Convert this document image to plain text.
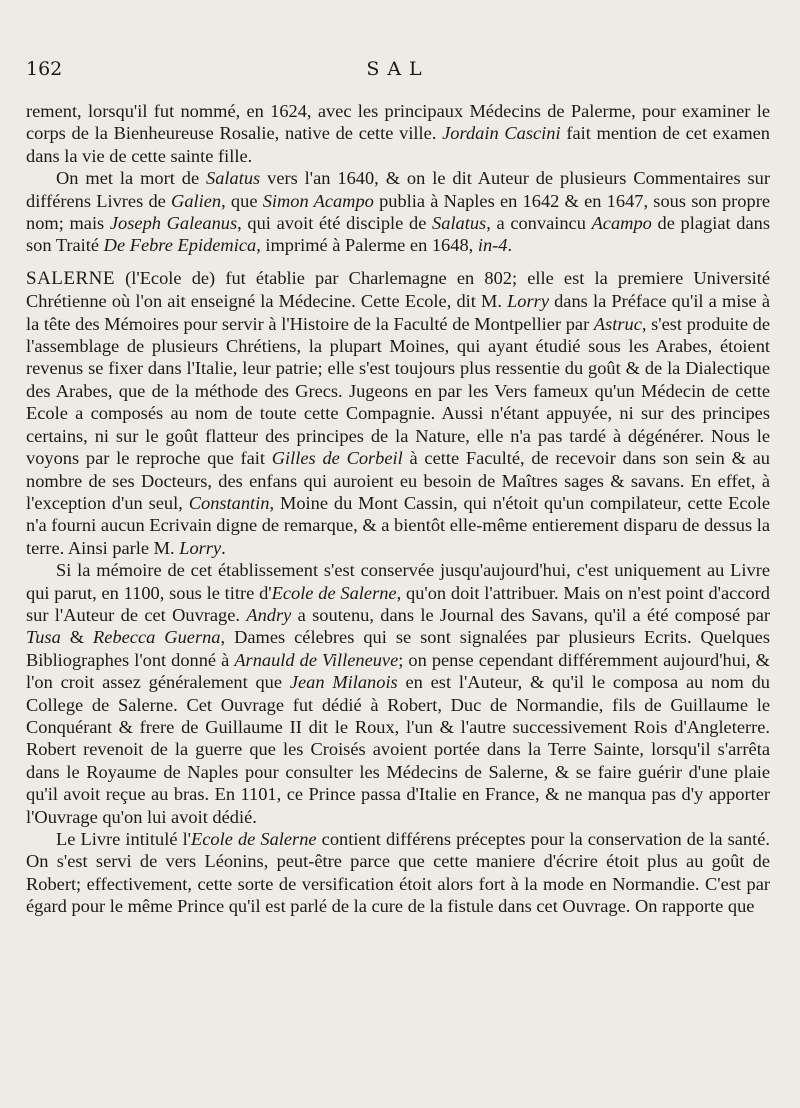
162	SAL

rement, lorsqu'il fut nommé, en 1624, avec les principaux Médecins de Palerme, pour examiner le corps de la Bienheureuse Rosalie, native de cette ville. Jordain Cascini fait mention de cet examen dans la vie de cette sainte fille.

On met la mort de Salatus vers l'an 1640, & on le dit Auteur de plusieurs Commentaires sur différens Livres de Galien, que Simon Acampo publia à Naples en 1642 & en 1647, sous son propre nom; mais Joseph Galeanus, qui avoit été disciple de Salatus, a convaincu Acampo de plagiat dans son Traité De Febre Epidemica, imprimé à Palerme en 1648, in-4.

SALERNE (l'Ecole de) fut établie par Charlemagne en 802; elle est la premiere Université Chrétienne où l'on ait enseigné la Médecine. Cette Ecole, dit M. Lorry dans la Préface qu'il a mise à la tête des Mémoires pour servir à l'Histoire de la Faculté de Montpellier par Astruc, s'est produite de l'assemblage de plusieurs Chrétiens, la plupart Moines, qui ayant étudié sous les Arabes, étoient revenus se fixer dans l'Italie, leur patrie; elle s'est toujours plus ressentie du goût & de la Dialectique des Arabes, que de la méthode des Grecs. Jugeons en par les Vers fameux qu'un Médecin de cette Ecole a composés au nom de toute cette Compagnie. Aussi n'étant appuyée, ni sur des principes certains, ni sur le goût flatteur des principes de la Nature, elle n'a pas tardé à dégénérer. Nous le voyons par le reproche que fait Gilles de Corbeil à cette Faculté, de recevoir dans son sein & au nombre de ses Docteurs, des enfans qui auroient eu besoin de Maîtres sages & savans. En effet, à l'exception d'un seul, Constantin, Moine du Mont Cassin, qui n'étoit qu'un compilateur, cette Ecole n'a fourni aucun Ecrivain digne de remarque, & a bientôt elle-même entierement disparu de dessus la terre. Ainsi parle M. Lorry.

Si la mémoire de cet établissement s'est conservée jusqu'aujourd'hui, c'est uniquement au Livre qui parut, en 1100, sous le titre d'Ecole de Salerne, qu'on doit l'attribuer. Mais on n'est point d'accord sur l'Auteur de cet Ouvrage. Andry a soutenu, dans le Journal des Savans, qu'il a été composé par Tusa & Rebecca Guerna, Dames célebres qui se sont signalées par plusieurs Ecrits. Quelques Bibliographes l'ont donné à Arnauld de Villeneuve; on pense cependant différemment aujourd'hui, & l'on croit assez généralement que Jean Milanois en est l'Auteur, & qu'il le composa au nom du College de Salerne. Cet Ouvrage fut dédié à Robert, Duc de Normandie, fils de Guillaume le Conquérant & frere de Guillaume II dit le Roux, l'un & l'autre successivement Rois d'Angleterre. Robert revenoit de la guerre que les Croisés avoient portée dans la Terre Sainte, lorsqu'il s'arrêta dans le Royaume de Naples pour consulter les Médecins de Salerne, & se faire guérir d'une plaie qu'il avoit reçue au bras. En 1101, ce Prince passa d'Italie en France, & ne manqua pas d'y apporter l'Ouvrage qu'on lui avoit dédié.

Le Livre intitulé l'Ecole de Salerne contient différens préceptes pour la conservation de la santé. On s'est servi de vers Léonins, peut-être parce que cette maniere d'écrire étoit plus au goût de Robert; effectivement, cette sorte de versification étoit alors fort à la mode en Normandie. C'est par égard pour le même Prince qu'il est parlé de la cure de la fistule dans cet Ouvrage. On rapporte que
